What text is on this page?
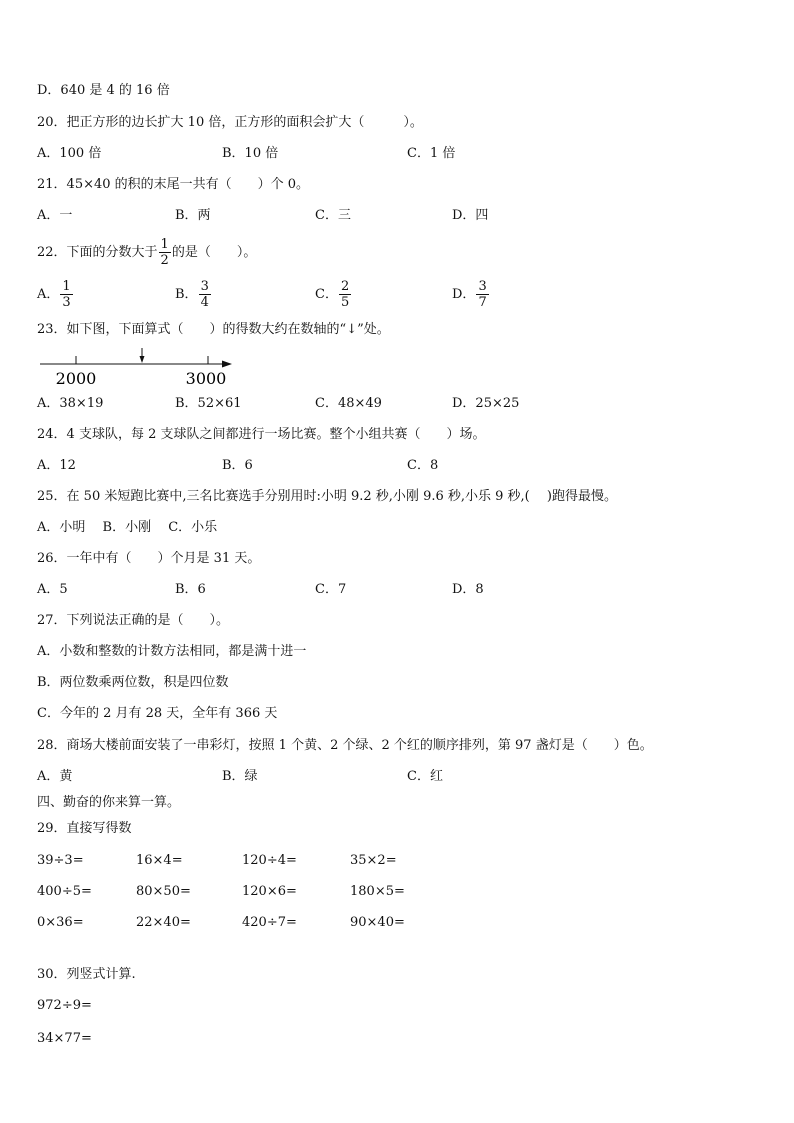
D．640 是 4 的 16 倍
20．把正方形的边长扩大 10 倍，正方形的面积会扩大（　　　）。
A．100 倍	B．10 倍	C．1 倍
21．45×40 的积的末尾一共有（　　）个 0。
A．一	B．两	C．三	D．四
22．下面的分数大于 $\frac{1}{2}$ 的是（　　）。
A． $\frac{1}{3}$	B． $\frac{3}{4}$	C． $\frac{2}{5}$	D． $\frac{3}{7}$
23．如下图，下面算式（　　）的得数大约在数轴的“↓”处。
2000	3000
A．38×19	B．52×61	C．48×49	D．25×25
24．4 支球队，每 2 支球队之间都进行一场比赛。整个小组共赛（　　）场。
A．12	B．6	C．8
25．在 50 米短跑比赛中,三名比赛选手分别用时:小明 9.2 秒,小刚 9.6 秒,小乐 9 秒,(　 )跑得最慢。
A．小明　 B．小刚　 C．小乐
26．一年中有（　　）个月是 31 天。
A．5	B．6	C．7	D．8
27．下列说法正确的是（　　）。
A．小数和整数的计数方法相同，都是满十进一
B．两位数乘两位数，积是四位数
C．今年的 2 月有 28 天，全年有 366 天
28．商场大楼前面安装了一串彩灯，按照 1 个黄、2 个绿、2 个红的顺序排列，第 97 盏灯是（　　）色。
A．黄	B．绿	C．红
四、勤奋的你来算一算。
29．直接写得数
39÷3=	16×4=	120÷4=	35×2=
400÷5=	80×50=	120×6=	180×5=
0×36=	22×40=	420÷7=	90×40=
30．列竖式计算.
972÷9=
34×77=
